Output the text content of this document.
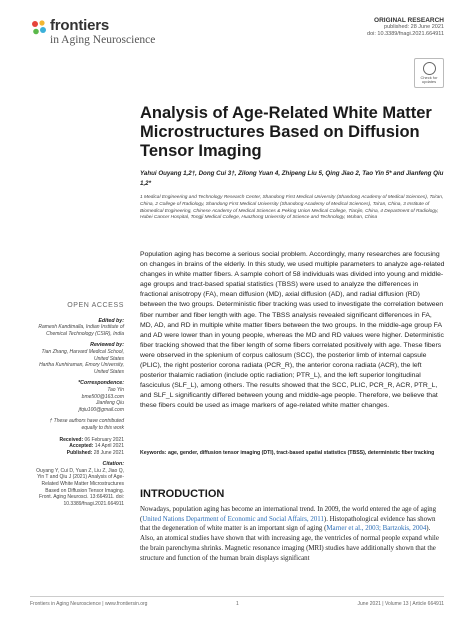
frontiers
in Aging Neuroscience
ORIGINAL RESEARCH
published: 28 June 2021
doi: 10.3389/fnagi.2021.664911
Check for updates
Analysis of Age-Related White Matter Microstructures Based on Diffusion Tensor Imaging
Yahui Ouyang 1,2†, Dong Cui 3†, Zilong Yuan 4, Zhipeng Liu 5, Qing Jiao 2, Tao Yin 5* and Jianfeng Qiu 1,2*
1 Medical Engineering and Technology Research Center, Shandong First Medical University (Shandong Academy of Medical Sciences), Tai'an, China, 2 College of Radiology, Shandong First Medical University (Shandong Academy of Medical Sciences), Tai'an, China, 3 Institute of Biomedical Engineering, Chinese Academy of Medical Sciences & Peking Union Medical College, Tianjin, China, 4 Department of Radiology, Hubei Cancer Hospital, Tongji Medical College, Huazhong University of Science and Technology, Wuhan, China
Population aging has become a serious social problem. Accordingly, many researches are focusing on changes in brains of the elderly. In this study, we used multiple parameters to analyze age-related changes in white matter fibers. A sample cohort of 58 individuals was divided into young and middle-age groups and tract-based spatial statistics (TBSS) were used to analyze the differences in fractional anisotropy (FA), mean diffusion (MD), axial diffusion (AD), and radial diffusion (RD) between the two groups. Deterministic fiber tracking was used to investigate the correlation between fiber number and fiber length with age. The TBSS analysis revealed significant differences in FA, MD, AD, and RD in multiple white matter fibers between the two groups. In the middle-age group FA and AD were lower than in young people, whereas the MD and RD values were higher. Deterministic fiber tracking showed that the fiber length of some fibers correlated positively with age. These fibers were observed in the splenium of corpus callosum (SCC), the posterior limb of internal capsule (PLIC), the right posterior corona radiata (PCR_R), the anterior corona radiata (ACR), the left posterior thalamic radiation (include optic radiation; PTR_L), and the left superior longitudinal fasciculus (SLF_L), among others. The results showed that the SCC, PLIC, PCR_R, ACR, PTR_L, and SLF_L significantly differed between young and middle-age people. Therefore, we believe that these fibers could be used as image markers of age-related white matter changes.
Keywords: age, gender, diffusion tensor imaging (DTI), tract-based spatial statistics (TBSS), deterministic fiber tracking
INTRODUCTION
Nowadays, population aging has become an international trend. In 2009, the world entered the age of aging (United Nations Department of Economic and Social Affairs, 2011). Histopathological evidence has shown that the degeneration of white matter is an important sign of aging (Marner et al., 2003; Bartzokis, 2004). Also, an atomical studies have shown that with increasing age, the ventricles of normal people expand while the brain parenchyma shrinks. Magnetic resonance imaging (MRI) studies have additionally shown that the structure and function of the human brain displays significant
OPEN ACCESS
Edited by:
Ramesh Kandimalla, Indian Institute of Chemical Technology (CSIR), India
Reviewed by:
Tian Zhang, Harvard Medical School, United States
Hartha Kunhiraman, Emory University, United States
*Correspondence:
Tao Yin
bme500@163.com
Jianfeng Qiu
jfqiu100@gmail.com
† These authors have contributed equally to this work
Received: 06 February 2021
Accepted: 14 April 2021
Published: 28 June 2021
Citation:
Ouyang Y, Cui D, Yuan Z, Liu Z, Jiao Q, Yin T and Qiu J (2021) Analysis of Age-Related White Matter Microstructures Based on Diffusion Tensor Imaging. Front. Aging Neurosci. 13:664911. doi: 10.3389/fnagi.2021.664911
Frontiers in Aging Neuroscience | www.frontiersin.org	1	June 2021 | Volume 13 | Article 664911
